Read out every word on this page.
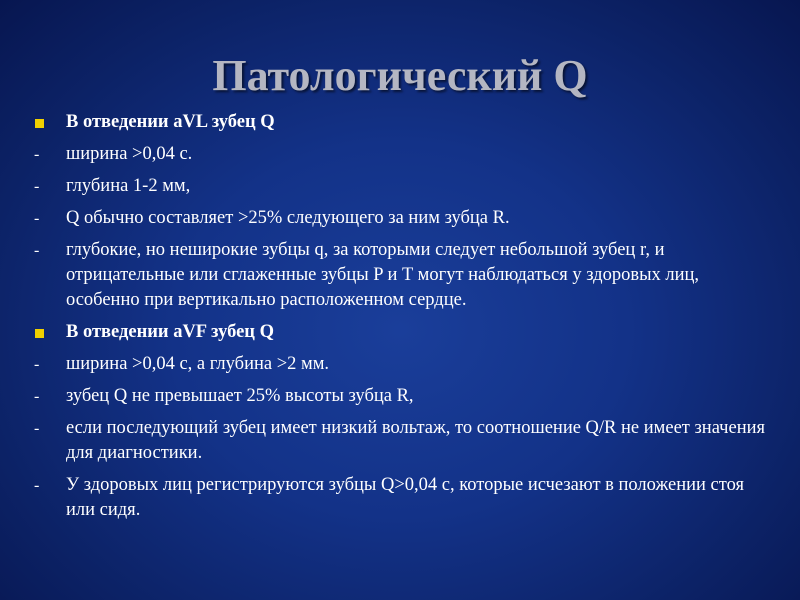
Патологический Q
В отведении aVL зубец Q
-	ширина >0,04 с.
-	глубина 1-2 мм,
-	Q обычно составляет >25% следующего за ним зубца R.
-	глубокие, но неширокие зубцы q, за которыми следует небольшой зубец r, и отрицательные или сглаженные зубцы P и T могут наблюдаться у здоровых лиц, особенно при вертикально расположенном сердце.
В отведении aVF зубец Q
-	ширина >0,04 с, а глубина >2 мм.
-	зубец Q не превышает 25% высоты зубца R,
-	если последующий зубец имеет низкий вольтаж, то соотношение Q/R не имеет значения для диагностики.
-	У здоровых лиц регистрируются зубцы Q>0,04 с, которые исчезают в положении стоя или сидя.
